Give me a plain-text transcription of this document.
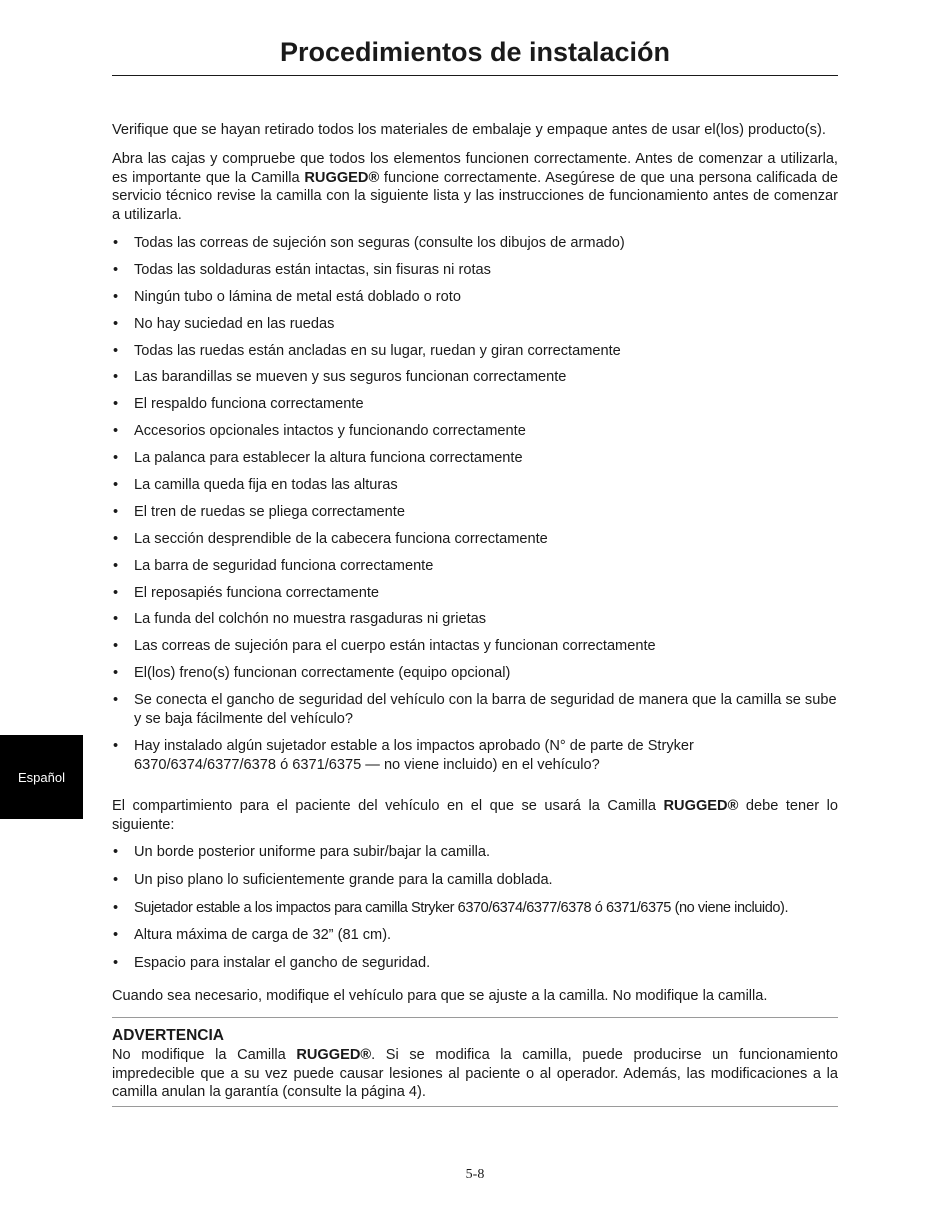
Procedimientos de instalación

Verifique que se hayan retirado todos los materiales de embalaje y empaque antes de usar el(los) producto(s).

Abra las cajas y compruebe que todos los elementos funcionen correctamente. Antes de comenzar a utilizarla, es importante que la Camilla RUGGED® funcione correctamente. Asegúrese de que una persona calificada de servicio técnico revise la camilla con la siguiente lista y las instrucciones de funcionamiento antes de comenzar a utilizarla.

• Todas las correas de sujeción son seguras (consulte los dibujos de armado)
• Todas las soldaduras están intactas, sin fisuras ni rotas
• Ningún tubo o lámina de metal está doblado o roto
• No hay suciedad en las ruedas
• Todas las ruedas están ancladas en su lugar, ruedan y giran correctamente
• Las barandillas se mueven y sus seguros funcionan correctamente
• El respaldo funciona correctamente
• Accesorios opcionales intactos y funcionando correctamente
• La palanca para establecer la altura funciona correctamente
• La camilla queda fija en todas las alturas
• El tren de ruedas se pliega correctamente
• La sección desprendible de la cabecera funciona correctamente
• La barra de seguridad funciona correctamente
• El reposapiés funciona correctamente
• La funda del colchón no muestra rasgaduras ni grietas
• Las correas de sujeción para el cuerpo están intactas y funcionan correctamente
• El(los) freno(s) funcionan correctamente (equipo opcional)
• Se conecta el gancho de seguridad del vehículo con la barra de seguridad de manera que la camilla se sube y se baja fácilmente del vehículo?
• Hay instalado algún sujetador estable a los impactos aprobado (N° de parte de Stryker 6370/6374/6377/6378 ó 6371/6375 — no viene incluido) en el vehículo?

El compartimiento para el paciente del vehículo en el que se usará la Camilla RUGGED® debe tener lo siguiente:

• Un borde posterior uniforme para subir/bajar la camilla.
• Un piso plano lo suficientemente grande para la camilla doblada.
• Sujetador estable a los impactos para camilla Stryker 6370/6374/6377/6378 ó 6371/6375 (no viene incluido).
• Altura máxima de carga de 32” (81 cm).
• Espacio para instalar el gancho de seguridad.

Cuando sea necesario, modifique el vehículo para que se ajuste a la camilla. No modifique la camilla.

ADVERTENCIA

No modifique la Camilla RUGGED®. Si se modifica la camilla, puede producirse un funcionamiento impredecible que a su vez puede causar lesiones al paciente o al operador. Además, las modificaciones a la camilla anulan la garantía (consulte la página 4).

Español
5-8
